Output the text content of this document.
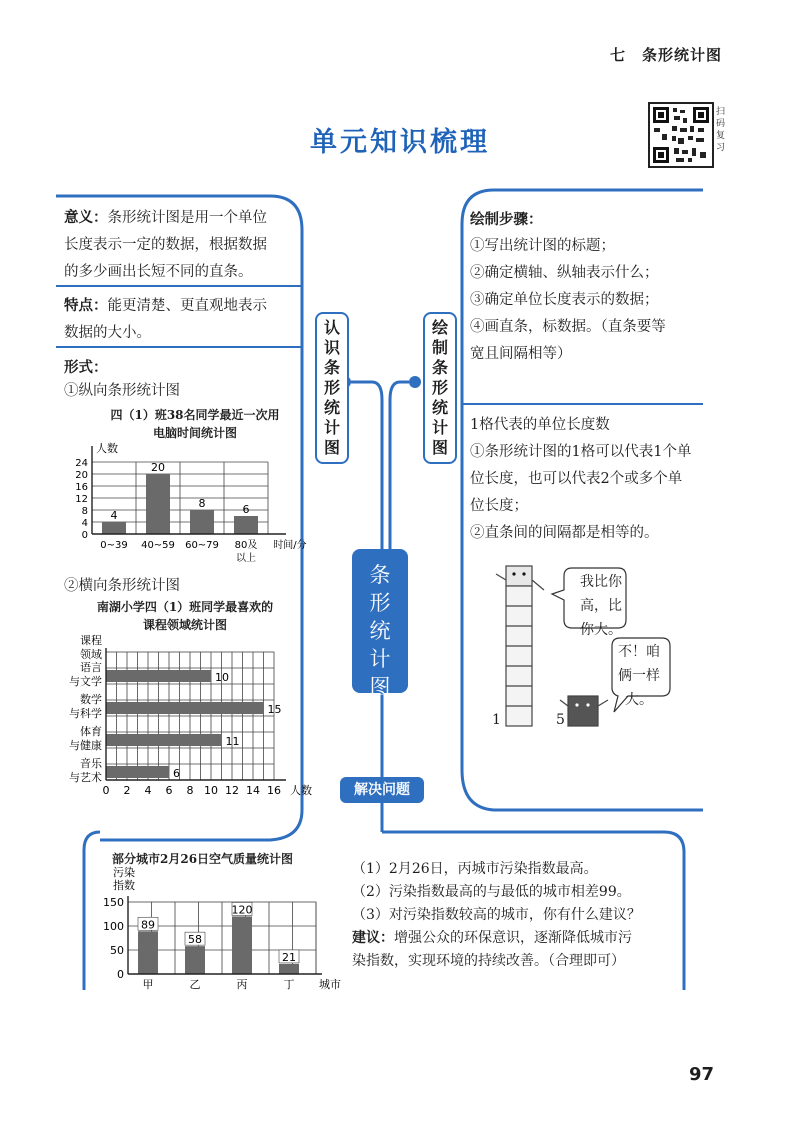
七　条形统计图
单元知识梳理
扫码复习
意义：条形统计图是用一个单位
长度表示一定的数据，根据数据
的多少画出长短不同的直条。
特点：能更清楚、更直观地表示
数据的大小。
形式：
①纵向条形统计图
四（1）班38名同学最近一次用
电脑时间统计图
0
4
8
12
16
20
24
4
0~39
20
40~59
8
60~79
6
80及
以上
人数
时间/分
②横向条形统计图
南湖小学四（1）班同学最喜欢的
课程领域统计图
10
语言
与文学
15
数学
与科学
11
体育
与健康
6
音乐
与艺术
0 2 4 6 8 10 12 14 16
课程
领域
人数
认识条形统计图
绘制条形统计图
条形统计图
解决问题
绘制步骤：
①写出统计图的标题；
②确定横轴、纵轴表示什么；
③确定单位长度表示的数据；
④画直条，标数据。（直条要等
宽且间隔相等）
1格代表的单位长度数
①条形统计图的1格可以代表1个单
位长度，也可以代表2个或多个单
位长度；
②直条间的间隔都是相等的。
我比你
高，比
你大。
不！咱
俩一样
大。
1	5
部分城市2月26日空气质量统计图
污染
指数
0
50
100
150
89
甲
58
乙
120
丙
21
丁 城市
（1）2月26日，丙城市污染指数最高。
（2）污染指数最高的与最低的城市相差99。
（3）对污染指数较高的城市，你有什么建议？
建议：增强公众的环保意识，逐渐降低城市污
染指数，实现环境的持续改善。（合理即可）
97
